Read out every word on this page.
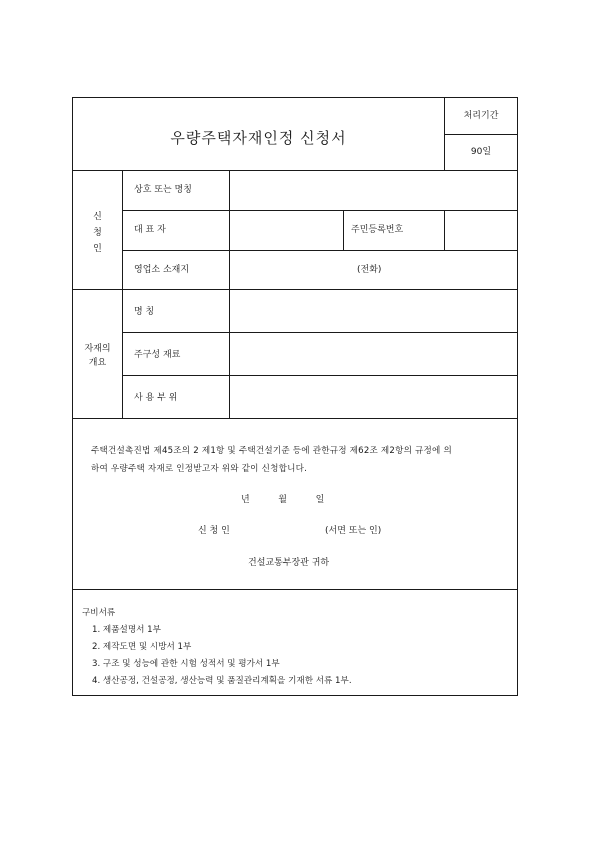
우량주택자재인정 신청서
처리기간
90일
신
청
인
상호 또는 명칭
대 표 자	주민등록번호
영업소 소재지	(전화)
자재의
개요
명 칭
주구성 재료
사 용 부 위
주택건설촉진법 제45조의 2 제1항 및 주택건설기준 등에 관한규정 제62조 제2항의 규정에 의
하여 우량주택 자재로 인정받고자 위와 같이 신청합니다.
년          월          일
신 청 인	(서면 또는 인)
건설교통부장관 귀하
구비서류
1. 제품설명서 1부
2. 제작도면 및 시방서 1부
3. 구조 및 성능에 관한 시험 성적서 및 평가서 1부
4. 생산공정, 건설공정, 생산능력 및 품질관리계획을 기재한 서류 1부.
